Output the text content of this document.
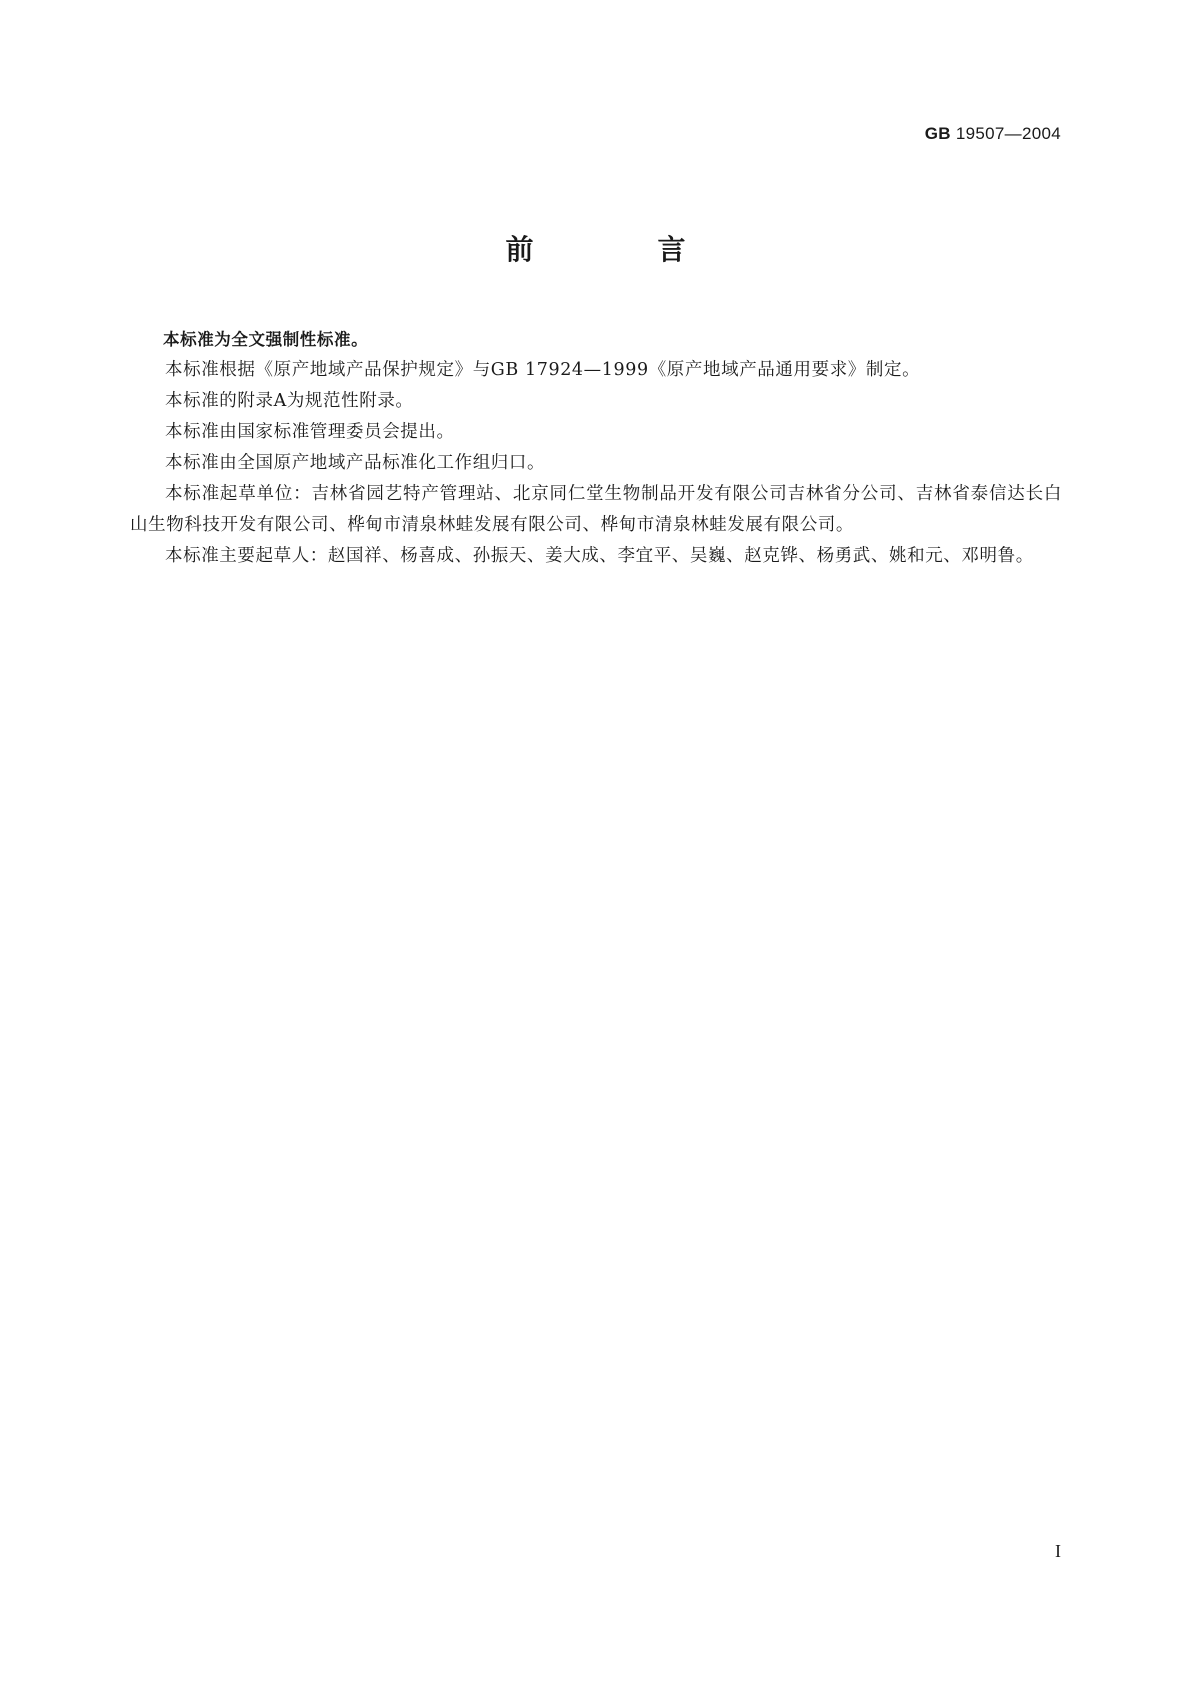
GB 19507—2004
前　言

本标准为全文强制性标准。

本标准根据《原产地域产品保护规定》与GB 17924—1999《原产地域产品通用要求》制定。

本标准的附录A为规范性附录。

本标准由国家标准管理委员会提出。

本标准由全国原产地域产品标准化工作组归口。

本标准起草单位：吉林省园艺特产管理站、北京同仁堂生物制品开发有限公司吉林省分公司、吉林省泰信达长白山生物科技开发有限公司、桦甸市清泉林蛙发展有限公司、桦甸市清泉林蛙发展有限公司。

本标准主要起草人：赵国祥、杨喜成、孙振天、姜大成、李宜平、吴巍、赵克铧、杨勇武、姚和元、邓明鲁。

I
